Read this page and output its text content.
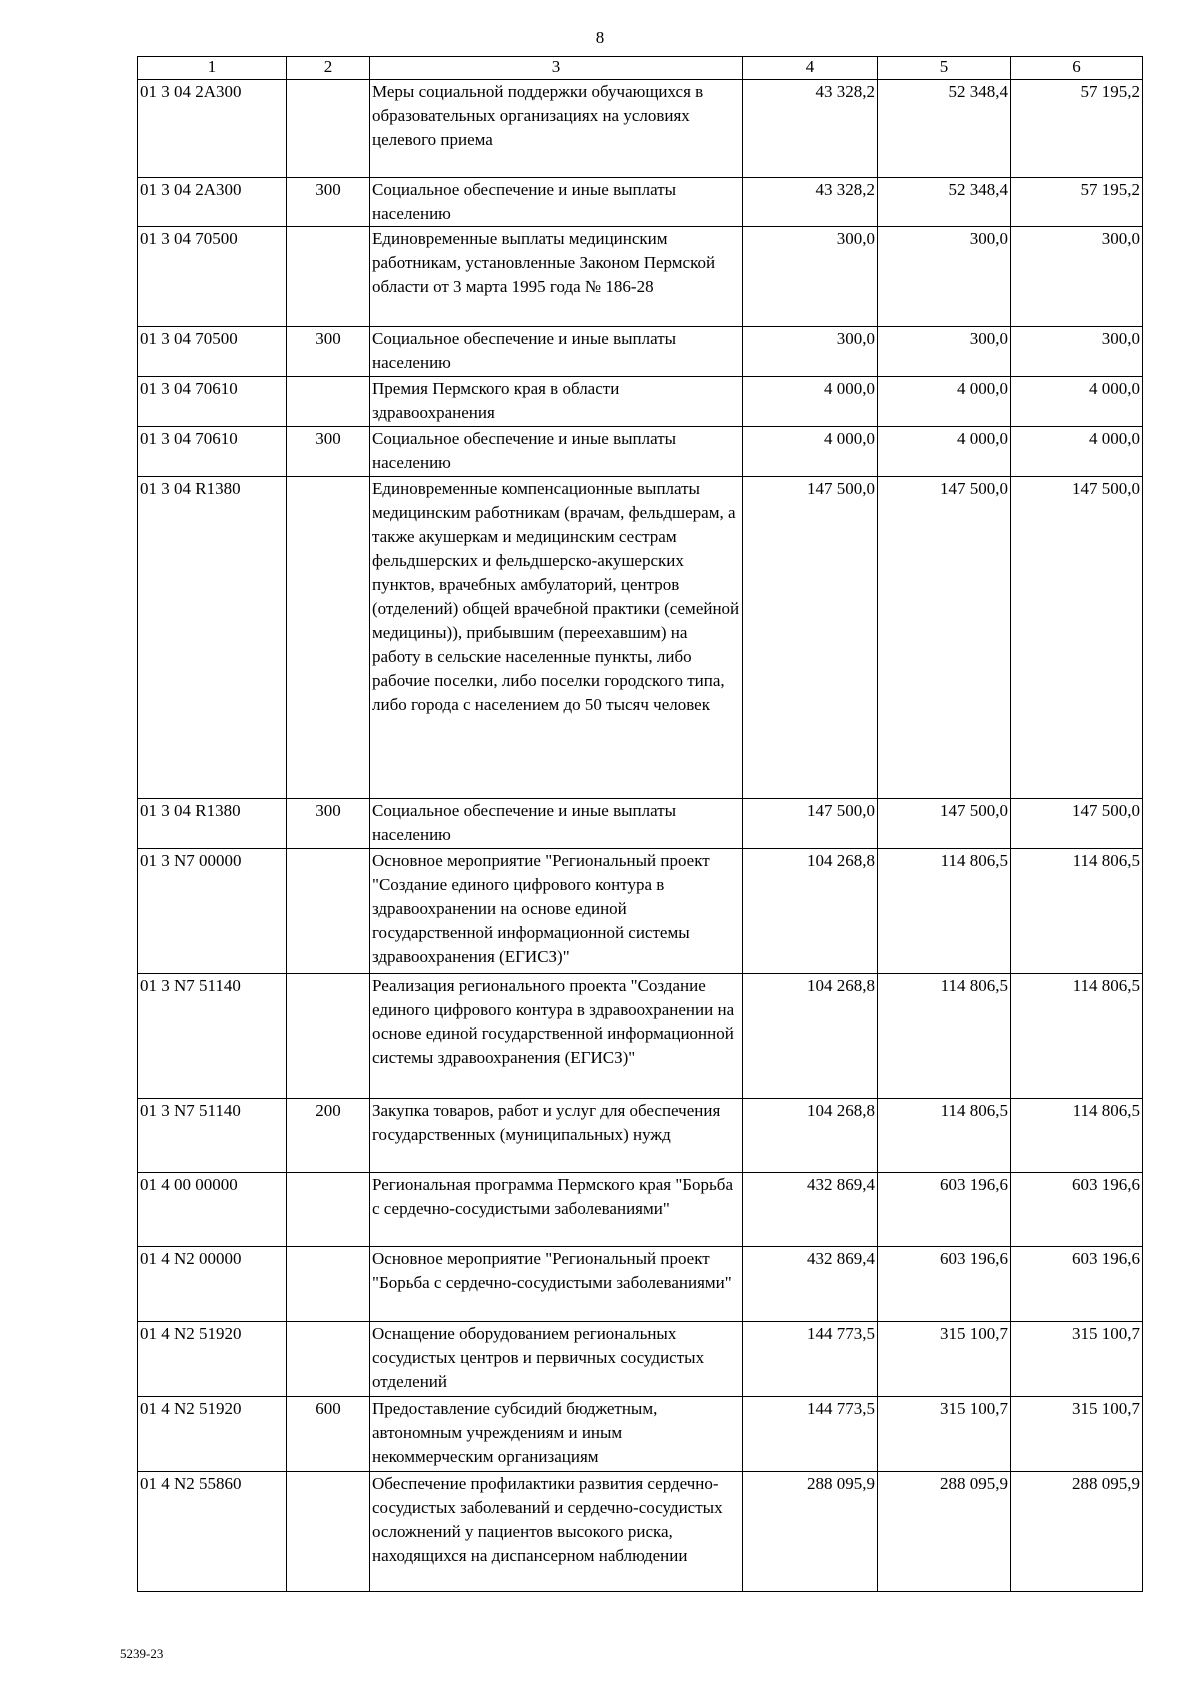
8
1	2	3	4	5	6
01 3 04 2A300		Меры социальной поддержки обучающихся в образовательных организациях на условиях целевого приема	43 328,2	52 348,4	57 195,2
01 3 04 2A300	300	Социальное обеспечение и иные выплаты населению	43 328,2	52 348,4	57 195,2
01 3 04 70500		Единовременные выплаты медицинским работникам, установленные Законом Пермской области от 3 марта 1995 года № 186-28	300,0	300,0	300,0
01 3 04 70500	300	Социальное обеспечение и иные выплаты населению	300,0	300,0	300,0
01 3 04 70610		Премия Пермского края в области здравоохранения	4 000,0	4 000,0	4 000,0
01 3 04 70610	300	Социальное обеспечение и иные выплаты населению	4 000,0	4 000,0	4 000,0
01 3 04 R1380		Единовременные компенсационные выплаты медицинским работникам (врачам, фельдшерам, а также акушеркам и медицинским сестрам фельдшерских и фельдшерско-акушерских пунктов, врачебных амбулаторий, центров (отделений) общей врачебной практики (семейной медицины)), прибывшим (переехавшим) на работу в сельские населенные пункты, либо рабочие поселки, либо поселки городского типа, либо города с населением до 50 тысяч человек	147 500,0	147 500,0	147 500,0
01 3 04 R1380	300	Социальное обеспечение и иные выплаты населению	147 500,0	147 500,0	147 500,0
01 3 N7 00000		Основное мероприятие "Региональный проект "Создание единого цифрового контура в здравоохранении на основе единой государственной информационной системы здравоохранения (ЕГИСЗ)"	104 268,8	114 806,5	114 806,5
01 3 N7 51140		Реализация регионального проекта "Создание единого цифрового контура в здравоохранении на основе единой государственной информационной системы здравоохранения (ЕГИСЗ)"	104 268,8	114 806,5	114 806,5
01 3 N7 51140	200	Закупка товаров, работ и услуг для обеспечения государственных (муниципальных) нужд	104 268,8	114 806,5	114 806,5
01 4 00 00000		Региональная программа Пермского края "Борьба с сердечно-сосудистыми заболеваниями"	432 869,4	603 196,6	603 196,6
01 4 N2 00000		Основное мероприятие "Региональный проект "Борьба с сердечно-сосудистыми заболеваниями"	432 869,4	603 196,6	603 196,6
01 4 N2 51920		Оснащение оборудованием региональных сосудистых центров и первичных сосудистых отделений	144 773,5	315 100,7	315 100,7
01 4 N2 51920	600	Предоставление субсидий бюджетным, автономным учреждениям и иным некоммерческим организациям	144 773,5	315 100,7	315 100,7
01 4 N2 55860		Обеспечение профилактики развития сердечно-сосудистых заболеваний и сердечно-сосудистых осложнений у пациентов высокого риска, находящихся на диспансерном наблюдении	288 095,9	288 095,9	288 095,9
5239-23
